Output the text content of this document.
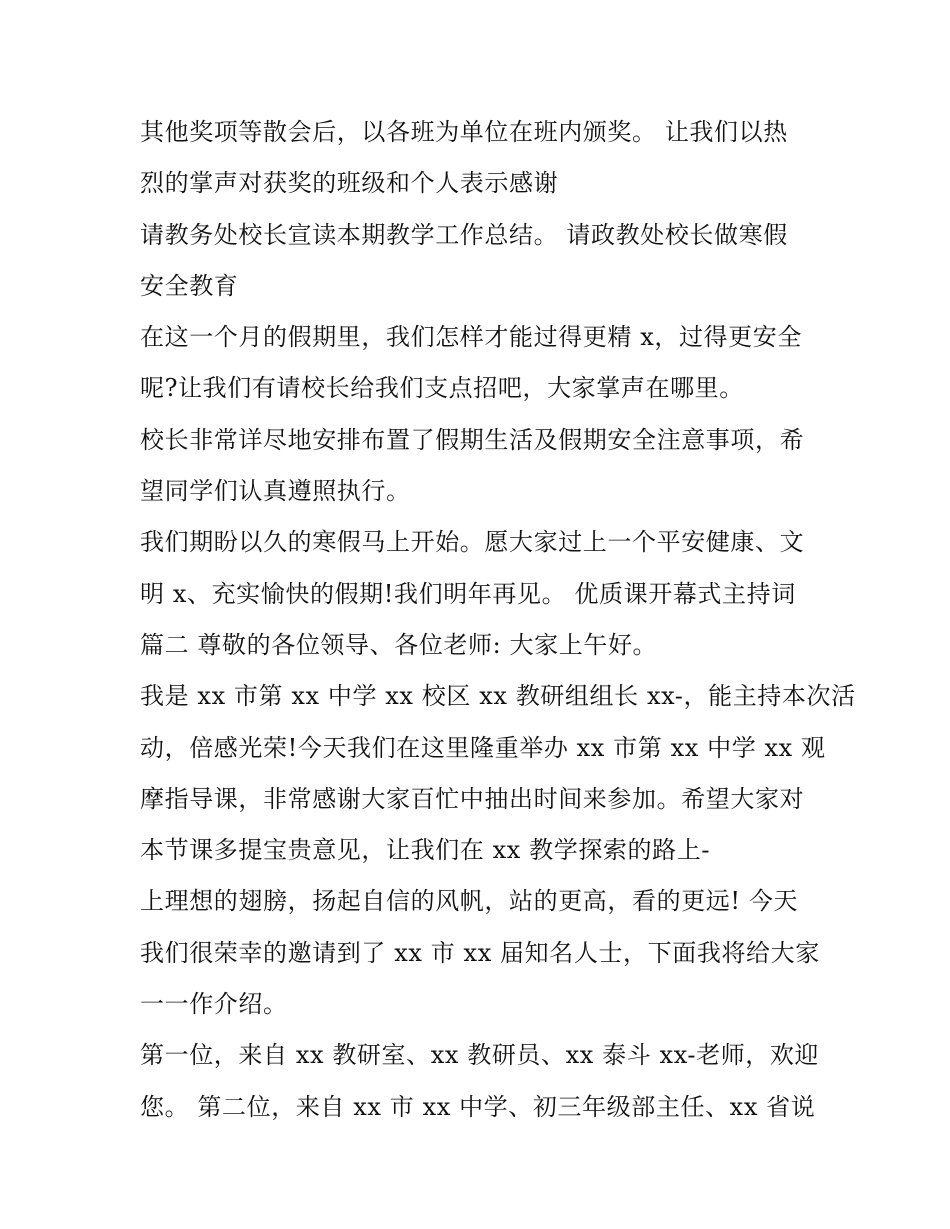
其他奖项等散会后，以各班为单位在班内颁奖。 让我们以热
烈的掌声对获奖的班级和个人表示感谢
请教务处校长宣读本期教学工作总结。 请政教处校长做寒假
安全教育
在这一个月的假期里，我们怎样才能过得更精 x，过得更安全
呢?让我们有请校长给我们支点招吧，大家掌声在哪里。
校长非常详尽地安排布置了假期生活及假期安全注意事项，希
望同学们认真遵照执行。
我们期盼以久的寒假马上开始。愿大家过上一个平安健康、文
明 x、充实愉快的假期!我们明年再见。 优质课开幕式主持词
篇二 尊敬的各位领导、各位老师: 大家上午好。
我是 xx 市第 xx 中学 xx 校区 xx 教研组组长 xx-，能主持本次活
动，倍感光荣!今天我们在这里隆重举办 xx 市第 xx 中学 xx 观
摩指导课，非常感谢大家百忙中抽出时间来参加。希望大家对
本节课多提宝贵意见，让我们在 xx 教学探索的路上-
上理想的翅膀，扬起自信的风帆，站的更高，看的更远! 今天
我们很荣幸的邀请到了 xx 市 xx 届知名人士，下面我将给大家
一一作介绍。
第一位，来自 xx 教研室、xx 教研员、xx 泰斗 xx-老师，欢迎
您。 第二位，来自 xx 市 xx 中学、初三年级部主任、xx 省说
